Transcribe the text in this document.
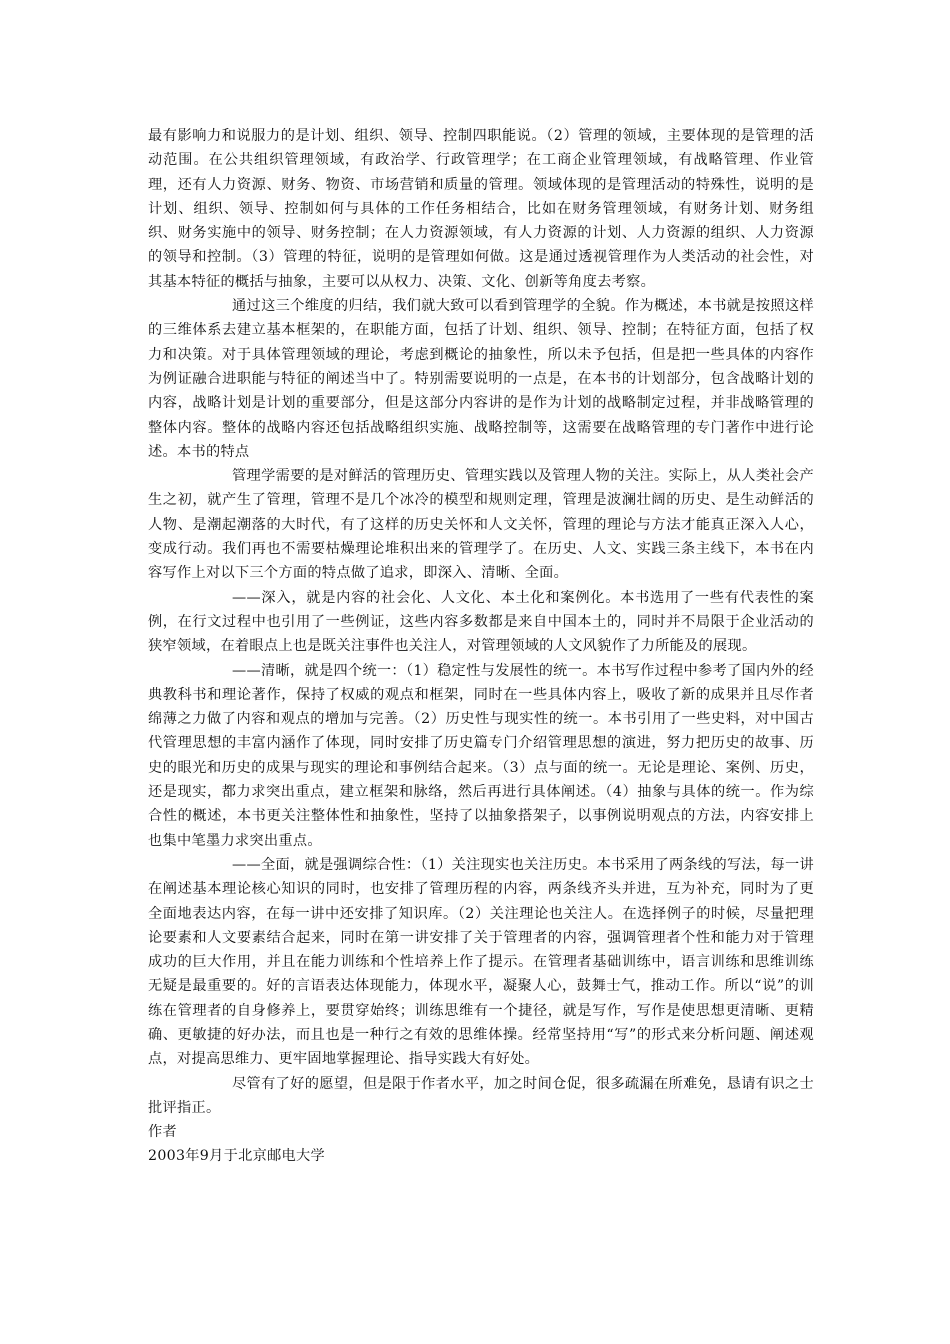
最有影响力和说服力的是计划、组织、领导、控制四职能说。（2）管理的领域，主要体现的是管理的活动范围。在公共组织管理领域，有政治学、行政管理学；在工商企业管理领域，有战略管理、作业管理，还有人力资源、财务、物资、市场营销和质量的管理。领域体现的是管理活动的特殊性，说明的是计划、组织、领导、控制如何与具体的工作任务相结合，比如在财务管理领域，有财务计划、财务组织、财务实施中的领导、财务控制；在人力资源领域，有人力资源的计划、人力资源的组织、人力资源的领导和控制。（3）管理的特征，说明的是管理如何做。这是通过透视管理作为人类活动的社会性，对其基本特征的概括与抽象，主要可以从权力、决策、文化、创新等角度去考察。

通过这三个维度的归结，我们就大致可以看到管理学的全貌。作为概述，本书就是按照这样的三维体系去建立基本框架的，在职能方面，包括了计划、组织、领导、控制；在特征方面，包括了权力和决策。对于具体管理领域的理论，考虑到概论的抽象性，所以未予包括，但是把一些具体的内容作为例证融合进职能与特征的阐述当中了。特别需要说明的一点是，在本书的计划部分，包含战略计划的内容，战略计划是计划的重要部分，但是这部分内容讲的是作为计划的战略制定过程，并非战略管理的整体内容。整体的战略内容还包括战略组织实施、战略控制等，这需要在战略管理的专门著作中进行论述。本书的特点

管理学需要的是对鲜活的管理历史、管理实践以及管理人物的关注。实际上，从人类社会产生之初，就产生了管理，管理不是几个冰冷的模型和规则定理，管理是波澜壮阔的历史、是生动鲜活的人物、是潮起潮落的大时代，有了这样的历史关怀和人文关怀，管理的理论与方法才能真正深入人心，变成行动。我们再也不需要枯燥理论堆积出来的管理学了。在历史、人文、实践三条主线下，本书在内容写作上对以下三个方面的特点做了追求，即深入、清晰、全面。

——深入，就是内容的社会化、人文化、本土化和案例化。本书选用了一些有代表性的案例，在行文过程中也引用了一些例证，这些内容多数都是来自中国本土的，同时并不局限于企业活动的狭窄领域，在着眼点上也是既关注事件也关注人，对管理领域的人文风貌作了力所能及的展现。

——清晰，就是四个统一：（1）稳定性与发展性的统一。本书写作过程中参考了国内外的经典教科书和理论著作，保持了权威的观点和框架，同时在一些具体内容上，吸收了新的成果并且尽作者绵薄之力做了内容和观点的增加与完善。（2）历史性与现实性的统一。本书引用了一些史料，对中国古代管理思想的丰富内涵作了体现，同时安排了历史篇专门介绍管理思想的演进，努力把历史的故事、历史的眼光和历史的成果与现实的理论和事例结合起来。（3）点与面的统一。无论是理论、案例、历史，还是现实，都力求突出重点，建立框架和脉络，然后再进行具体阐述。（4）抽象与具体的统一。作为综合性的概述，本书更关注整体性和抽象性，坚持了以抽象搭架子，以事例说明观点的方法，内容安排上也集中笔墨力求突出重点。

——全面，就是强调综合性：（1）关注现实也关注历史。本书采用了两条线的写法，每一讲在阐述基本理论核心知识的同时，也安排了管理历程的内容，两条线齐头并进，互为补充，同时为了更全面地表达内容，在每一讲中还安排了知识库。（2）关注理论也关注人。在选择例子的时候，尽量把理论要素和人文要素结合起来，同时在第一讲安排了关于管理者的内容，强调管理者个性和能力对于管理成功的巨大作用，并且在能力训练和个性培养上作了提示。在管理者基础训练中，语言训练和思维训练无疑是最重要的。好的言语表达体现能力，体现水平，凝聚人心，鼓舞士气，推动工作。所以“说”的训练在管理者的自身修养上，要贯穿始终；训练思维有一个捷径，就是写作，写作是使思想更清晰、更精确、更敏捷的好办法，而且也是一种行之有效的思维体操。经常坚持用“写”的形式来分析问题、阐述观点，对提高思维力、更牢固地掌握理论、指导实践大有好处。

尽管有了好的愿望，但是限于作者水平，加之时间仓促，很多疏漏在所难免，恳请有识之士批评指正。

作者

2003年9月于北京邮电大学
